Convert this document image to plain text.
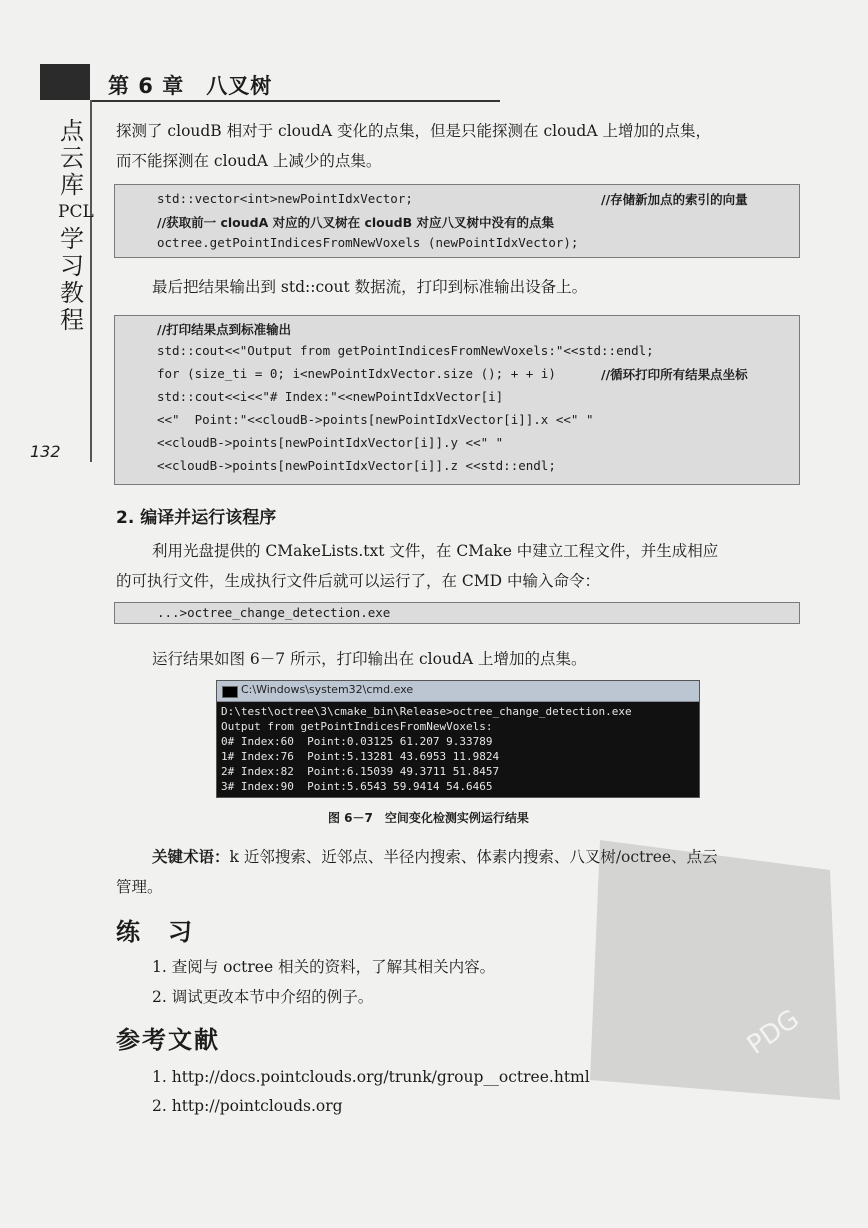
第 6 章　八叉树
点
云
库
PCL
学
习
教
程
132
探测了 cloudB 相对于 cloudA 变化的点集，但是只能探测在 cloudA 上增加的点集，
而不能探测在 cloudA 上减少的点集。
std::vector<int>newPointIdxVector;	//存储新加点的索引的向量
//获取前一 cloudA 对应的八叉树在 cloudB 对应八叉树中没有的点集
octree.getPointIndicesFromNewVoxels (newPointIdxVector);
最后把结果输出到 std::cout 数据流，打印到标准输出设备上。
//打印结果点到标准输出
std::cout<<"Output from getPointIndicesFromNewVoxels:"<<std::endl;
for (size_ti = 0; i<newPointIdxVector.size (); + + i)	//循环打印所有结果点坐标
std::cout<<i<<"# Index:"<<newPointIdxVector[i]
<<"  Point:"<<cloudB->points[newPointIdxVector[i]].x <<" "
<<cloudB->points[newPointIdxVector[i]].y <<" "
<<cloudB->points[newPointIdxVector[i]].z <<std::endl;
2. 编译并运行该程序
利用光盘提供的 CMakeLists.txt 文件，在 CMake 中建立工程文件，并生成相应
的可执行文件，生成执行文件后就可以运行了，在 CMD 中输入命令：
...>octree_change_detection.exe
运行结果如图 6－7 所示，打印输出在 cloudA 上增加的点集。
C:\Windows\system32\cmd.exe
D:\test\octree\3\cmake_bin\Release>octree_change_detection.exe
Output from getPointIndicesFromNewVoxels:
0# Index:60  Point:0.03125 61.207 9.33789
1# Index:76  Point:5.13281 43.6953 11.9824
2# Index:82  Point:6.15039 49.3711 51.8457
3# Index:90  Point:5.6543 59.9414 54.6465
图 6－7　空间变化检测实例运行结果
关键术语：k 近邻搜索、近邻点、半径内搜索、体素内搜索、八叉树/octree、点云
管理。
练　习
1. 查阅与 octree 相关的资料，了解其相关内容。
2. 调试更改本节中介绍的例子。
参考文献
1. http://docs.pointclouds.org/trunk/group__octree.html
2. http://pointclouds.org
PDG
